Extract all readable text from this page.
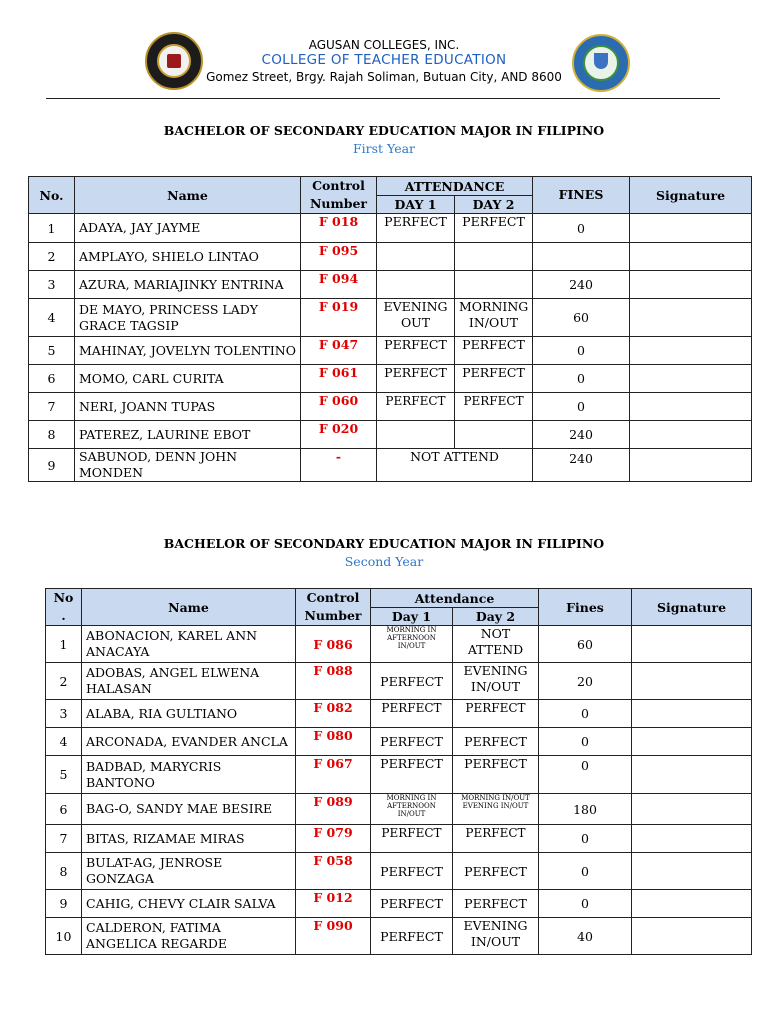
AGUSAN COLLEGES, INC.
COLLEGE OF TEACHER EDUCATION
Gomez Street, Brgy. Rajah Soliman, Butuan City, AND 8600
BACHELOR OF SECONDARY EDUCATION MAJOR IN FILIPINO
First Year
No.	Name	Control Number	ATTENDANCE		FINES	Signature
			DAY 1	DAY 2		
1	ADAYA, JAY JAYME	F 018	PERFECT	PERFECT	0	
2	AMPLAYO, SHIELO LINTAO	F 095				
3	AZURA, MARIAJINKY ENTRINA	F 094			240	
4	DE MAYO, PRINCESS LADY GRACE TAGSIP	F 019	EVENING OUT	MORNING IN/OUT	60	
5	MAHINAY, JOVELYN TOLENTINO	F 047	PERFECT	PERFECT	0	
6	MOMO, CARL CURITA	F 061	PERFECT	PERFECT	0	
7	NERI, JOANN TUPAS	F 060	PERFECT	PERFECT	0	
8	PATEREZ, LAURINE EBOT	F 020			240	
9	SABUNOD, DENN JOHN MONDEN	-	NOT ATTEND		240	
BACHELOR OF SECONDARY EDUCATION MAJOR IN FILIPINO
Second Year
No .	Name	Control Number	Attendance		Fines	Signature
			Day 1	Day 2		
1	ABONACION, KAREL ANN ANACAYA	F 086	MORNING IN AFTERNOON IN/OUT	NOT ATTEND	60	
2	ADOBAS, ANGEL ELWENA HALASAN	F 088	PERFECT	EVENING IN/OUT	20	
3	ALABA, RIA GULTIANO	F 082	PERFECT	PERFECT	0	
4	ARCONADA, EVANDER ANCLA	F 080	PERFECT	PERFECT	0	
5	BADBAD, MARYCRIS BANTONO	F 067	PERFECT	PERFECT	0	
6	BAG-O, SANDY MAE BESIRE	F 089	MORNING IN AFTERNOON IN/OUT	MORNING IN/OUT EVENING IN/OUT	180	
7	BITAS, RIZAMAE MIRAS	F 079	PERFECT	PERFECT	0	
8	BULAT-AG, JENROSE GONZAGA	F 058	PERFECT	PERFECT	0	
9	CAHIG, CHEVY CLAIR SALVA	F 012	PERFECT	PERFECT	0	
10	CALDERON, FATIMA ANGELICA REGARDE	F 090	PERFECT	EVENING IN/OUT	40	
